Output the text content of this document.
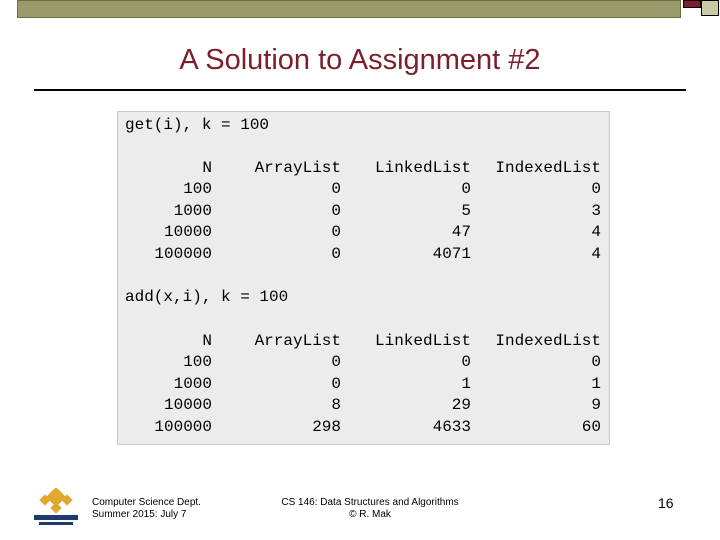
A Solution to Assignment #2
get(i), k = 100
N	ArrayList	LinkedList	IndexedList
100	0	0	0
1000	0	5	3
10000	0	47	4
100000	0	4071	4
add(x,i), k = 100
N	ArrayList	LinkedList	IndexedList
100	0	0	0
1000	0	1	1
10000	8	29	9
100000	298	4633	60
Computer Science Dept.
Summer 2015: July 7
CS 146: Data Structures and Algorithms
© R. Mak
16
